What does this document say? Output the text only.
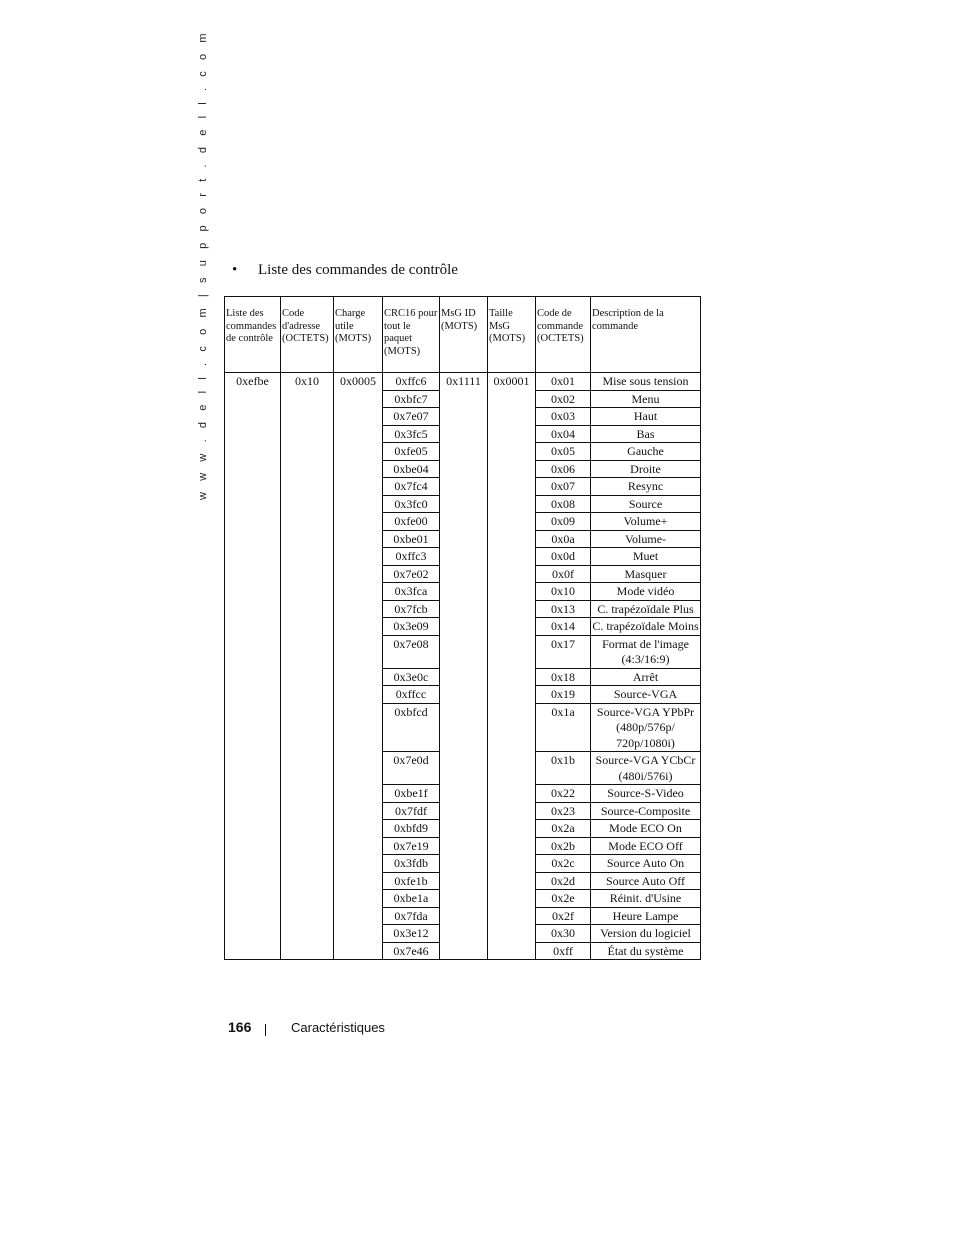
w w w . d e l l . c o m | s u p p o r t . d e l l . c o m • Liste des commandes de contrôle
Liste des commandes de contrôle	Code d'adresse (OCTETS)	Charge utile (MOTS)	CRC16 pour tout le paquet (MOTS)	MsG ID (MOTS)	Taille MsG (MOTS)	Code de commande (OCTETS)	Description de la commande
0xefbe	0x10	0x0005	0xffc6	0x1111	0x0001	0x01	Mise sous tension
			0xbfc7			0x02	Menu
			0x7e07			0x03	Haut
			0x3fc5			0x04	Bas
			0xfe05			0x05	Gauche
			0xbe04			0x06	Droite
			0x7fc4			0x07	Resync
			0x3fc0			0x08	Source
			0xfe00			0x09	Volume+
			0xbe01			0x0a	Volume-
			0xffc3			0x0d	Muet
			0x7e02			0x0f	Masquer
			0x3fca			0x10	Mode vidéo
			0x7fcb			0x13	C. trapézoïdale Plus
			0x3e09			0x14	C. trapézoïdale Moins
			0x7e08			0x17	Format de l'image
(4:3/16:9)
			0x3e0c			0x18	Arrêt
			0xffcc			0x19	Source-VGA
			0xbfcd			0x1a	Source-VGA YPbPr
(480p/576p/
720p/1080i)
			0x7e0d			0x1b	Source-VGA YCbCr
(480i/576i)
			0xbe1f			0x22	Source-S-Video
			0x7fdf			0x23	Source-Composite
			0xbfd9			0x2a	Mode ECO On
			0x7e19			0x2b	Mode ECO Off
			0x3fdb			0x2c	Source Auto On
			0xfe1b			0x2d	Source Auto Off
			0xbe1a			0x2e	Réinit. d'Usine
			0x7fda			0x2f	Heure Lampe
			0x3e12			0x30	Version du logiciel
			0x7e46			0xff	État du système
166	Caractéristiques
